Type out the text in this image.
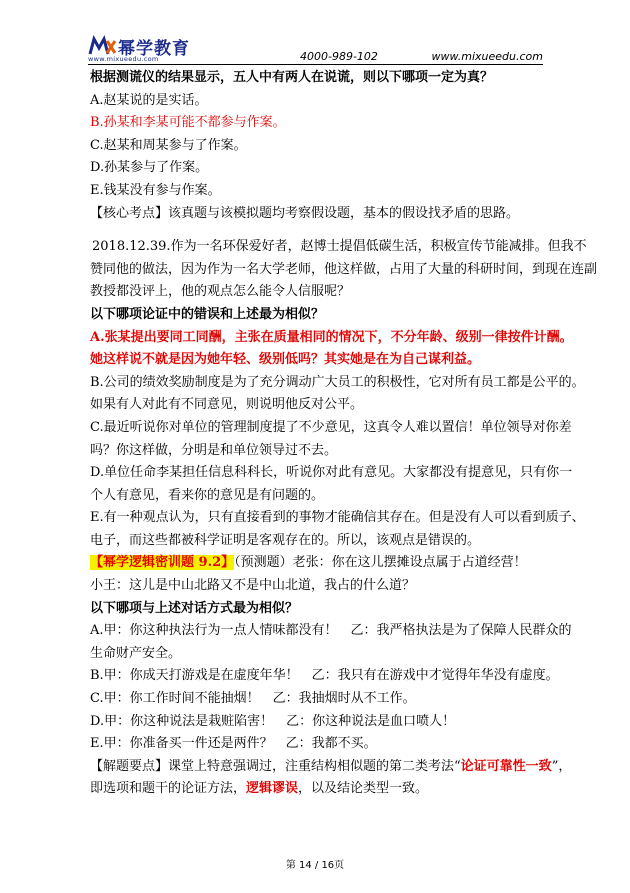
幂学教育
www.mixueedu.com	4000-989-102	www.mixueedu.com
根据测谎仪的结果显示，五人中有两人在说谎，则以下哪项一定为真？
A.赵某说的是实话。
B.孙某和李某可能不都参与作案。
C.赵某和周某参与了作案。
D.孙某参与了作案。
E.钱某没有参与作案。
【核心考点】该真题与该模拟题均考察假设题，基本的假设找矛盾的思路。
2018.12.39.作为一名环保爱好者，赵博士提倡低碳生活，积极宣传节能减排。但我不
赞同他的做法，因为作为一名大学老师，他这样做，占用了大量的科研时间，到现在连副
教授都没评上，他的观点怎么能令人信服呢？
以下哪项论证中的错误和上述最为相似？
A.张某提出要同工同酬，主张在质量相同的情况下，不分年龄、级别一律按件计酬。
她这样说不就是因为她年轻、级别低吗？其实她是在为自己谋利益。
B.公司的绩效奖励制度是为了充分调动广大员工的积极性，它对所有员工都是公平的。
如果有人对此有不同意见，则说明他反对公平。
C.最近听说你对单位的管理制度提了不少意见，这真令人难以置信！单位领导对你差
吗？你这样做，分明是和单位领导过不去。
D.单位任命李某担任信息科科长，听说你对此有意见。大家都没有提意见，只有你一
个人有意见，看来你的意见是有问题的。
E.有一种观点认为，只有直接看到的事物才能确信其存在。但是没有人可以看到质子、
电子，而这些都被科学证明是客观存在的。所以，该观点是错误的。
【幂学逻辑密训题 9.2】（预测题）老张：你在这儿摆摊设点属于占道经营！
小王：这儿是中山北路又不是中山北道，我占的什么道？
以下哪项与上述对话方式最为相似？
A.甲：你这种执法行为一点人情味都没有！　乙：我严格执法是为了保障人民群众的
生命财产安全。
B.甲：你成天打游戏是在虚度年华！　乙：我只有在游戏中才觉得年华没有虚度。
C.甲：你工作时间不能抽烟！　乙：我抽烟时从不工作。
D.甲：你这种说法是栽赃陷害！　乙：你这种说法是血口喷人！
E.甲：你准备买一件还是两件？　乙：我都不买。
【解题要点】课堂上特意强调过，注重结构相似题的第二类考法“论证可靠性一致”，
即选项和题干的论证方法，逻辑谬误，以及结论类型一致。
第 14 / 16页
